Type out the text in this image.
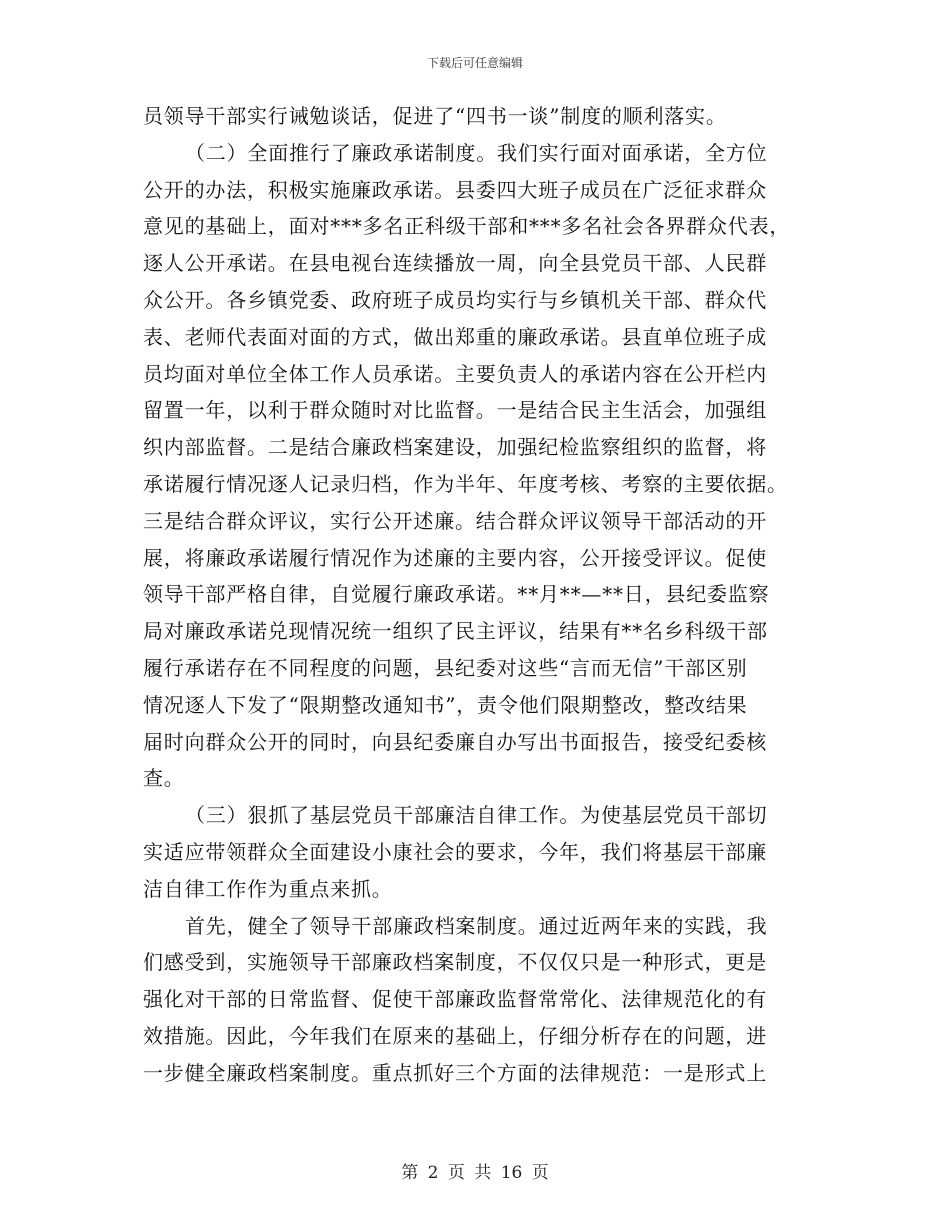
下载后可任意编辑
员领导干部实行诫勉谈话，促进了“四书一谈”制度的顺利落实。
（二）全面推行了廉政承诺制度。我们实行面对面承诺，全方位
公开的办法，积极实施廉政承诺。县委四大班子成员在广泛征求群众
意见的基础上，面对***多名正科级干部和***多名社会各界群众代表，
逐人公开承诺。在县电视台连续播放一周，向全县党员干部、人民群
众公开。各乡镇党委、政府班子成员均实行与乡镇机关干部、群众代
表、老师代表面对面的方式，做出郑重的廉政承诺。县直单位班子成
员均面对单位全体工作人员承诺。主要负责人的承诺内容在公开栏内
留置一年，以利于群众随时对比监督。一是结合民主生活会，加强组
织内部监督。二是结合廉政档案建设，加强纪检监察组织的监督，将
承诺履行情况逐人记录归档，作为半年、年度考核、考察的主要依据。
三是结合群众评议，实行公开述廉。结合群众评议领导干部活动的开
展，将廉政承诺履行情况作为述廉的主要内容，公开接受评议。促使
领导干部严格自律，自觉履行廉政承诺。**月**—**日，县纪委监察
局对廉政承诺兑现情况统一组织了民主评议，结果有**名乡科级干部
履行承诺存在不同程度的问题，县纪委对这些“言而无信”干部区别
情况逐人下发了“限期整改通知书”，责令他们限期整改，整改结果
届时向群众公开的同时，向县纪委廉自办写出书面报告，接受纪委核
查。
（三）狠抓了基层党员干部廉洁自律工作。为使基层党员干部切
实适应带领群众全面建设小康社会的要求，今年，我们将基层干部廉
洁自律工作作为重点来抓。
首先，健全了领导干部廉政档案制度。通过近两年来的实践，我
们感受到，实施领导干部廉政档案制度，不仅仅只是一种形式，更是
强化对干部的日常监督、促使干部廉政监督常常化、法律规范化的有
效措施。因此，今年我们在原来的基础上，仔细分析存在的问题，进
一步健全廉政档案制度。重点抓好三个方面的法律规范：一是形式上
第 2 页 共 16 页
